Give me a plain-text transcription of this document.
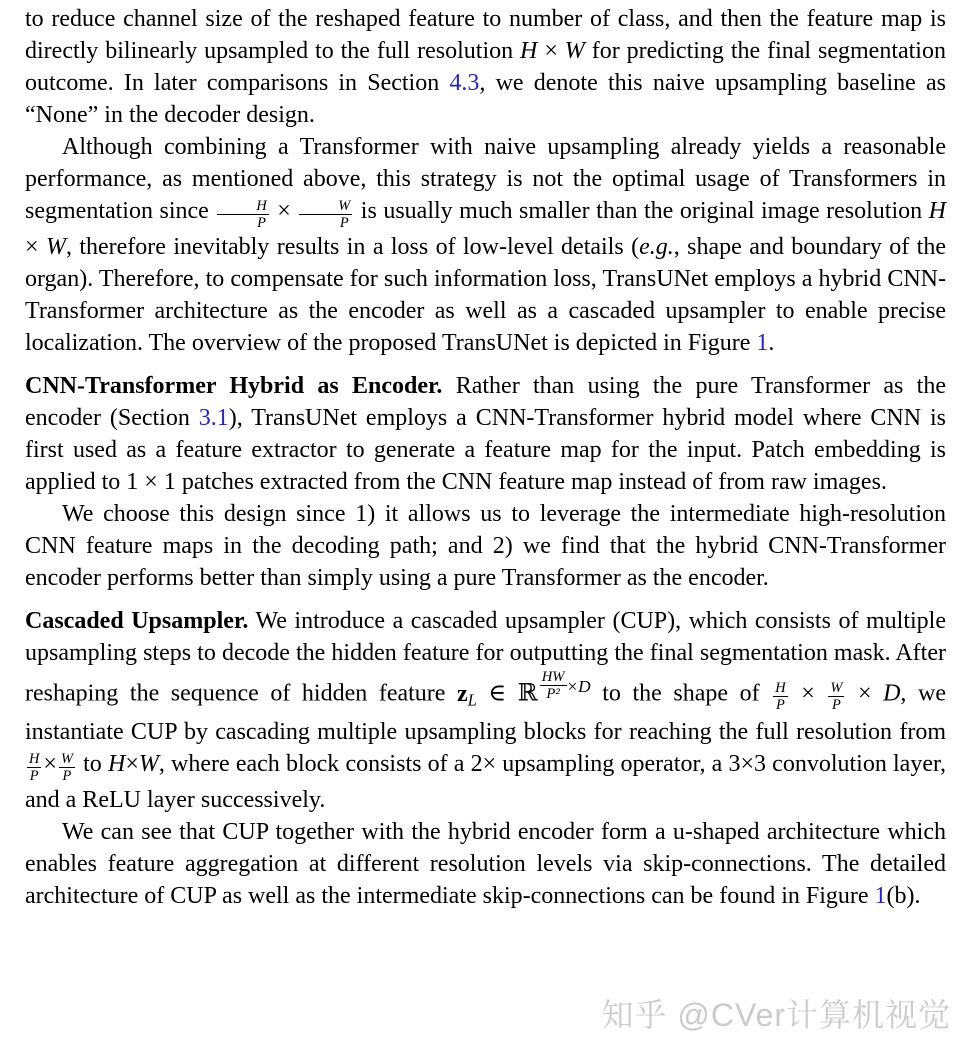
to reduce channel size of the reshaped feature to number of class, and then the feature map is directly bilinearly upsampled to the full resolution H × W for predicting the final segmentation outcome. In later comparisons in Section 4.3, we denote this naive upsampling baseline as “None” in the decoder design.

Although combining a Transformer with naive upsampling already yields a reasonable performance, as mentioned above, this strategy is not the optimal usage of Transformers in segmentation since $\frac{H}{P} \times \frac{W}{P}$ is usually much smaller than the original image resolution H × W, therefore inevitably results in a loss of low-level details (e.g., shape and boundary of the organ). Therefore, to compensate for such information loss, TransUNet employs a hybrid CNN-Transformer architecture as the encoder as well as a cascaded upsampler to enable precise localization. The overview of the proposed TransUNet is depicted in Figure 1.

CNN-Transformer Hybrid as Encoder. Rather than using the pure Transformer as the encoder (Section 3.1), TransUNet employs a CNN-Transformer hybrid model where CNN is first used as a feature extractor to generate a feature map for the input. Patch embedding is applied to 1 × 1 patches extracted from the CNN feature map instead of from raw images.

We choose this design since 1) it allows us to leverage the intermediate high-resolution CNN feature maps in the decoding path; and 2) we find that the hybrid CNN-Transformer encoder performs better than simply using a pure Transformer as the encoder.

Cascaded Upsampler. We introduce a cascaded upsampler (CUP), which consists of multiple upsampling steps to decode the hidden feature for outputting the final segmentation mask. After reshaping the sequence of hidden feature zL ∈ ℝ $\frac{HW}{\text{P²}} \times D$ to the shape of $\frac{H}{P} \times \frac{W}{P} \times D$, we instantiate CUP by cascading multiple upsampling blocks for reaching the full resolution from
$\frac{H}{P} \times \frac{W}{P}$ to H×W, where each block consists of a 2× upsampling operator, a 3×3 convolution layer, and a ReLU layer successively.

We can see that CUP together with the hybrid encoder form a u-shaped architecture which enables feature aggregation at different resolution levels via skip-connections. The detailed architecture of CUP as well as the intermediate skip-connections can be found in Figure 1(b).

知乎 @CVer计算机视觉
